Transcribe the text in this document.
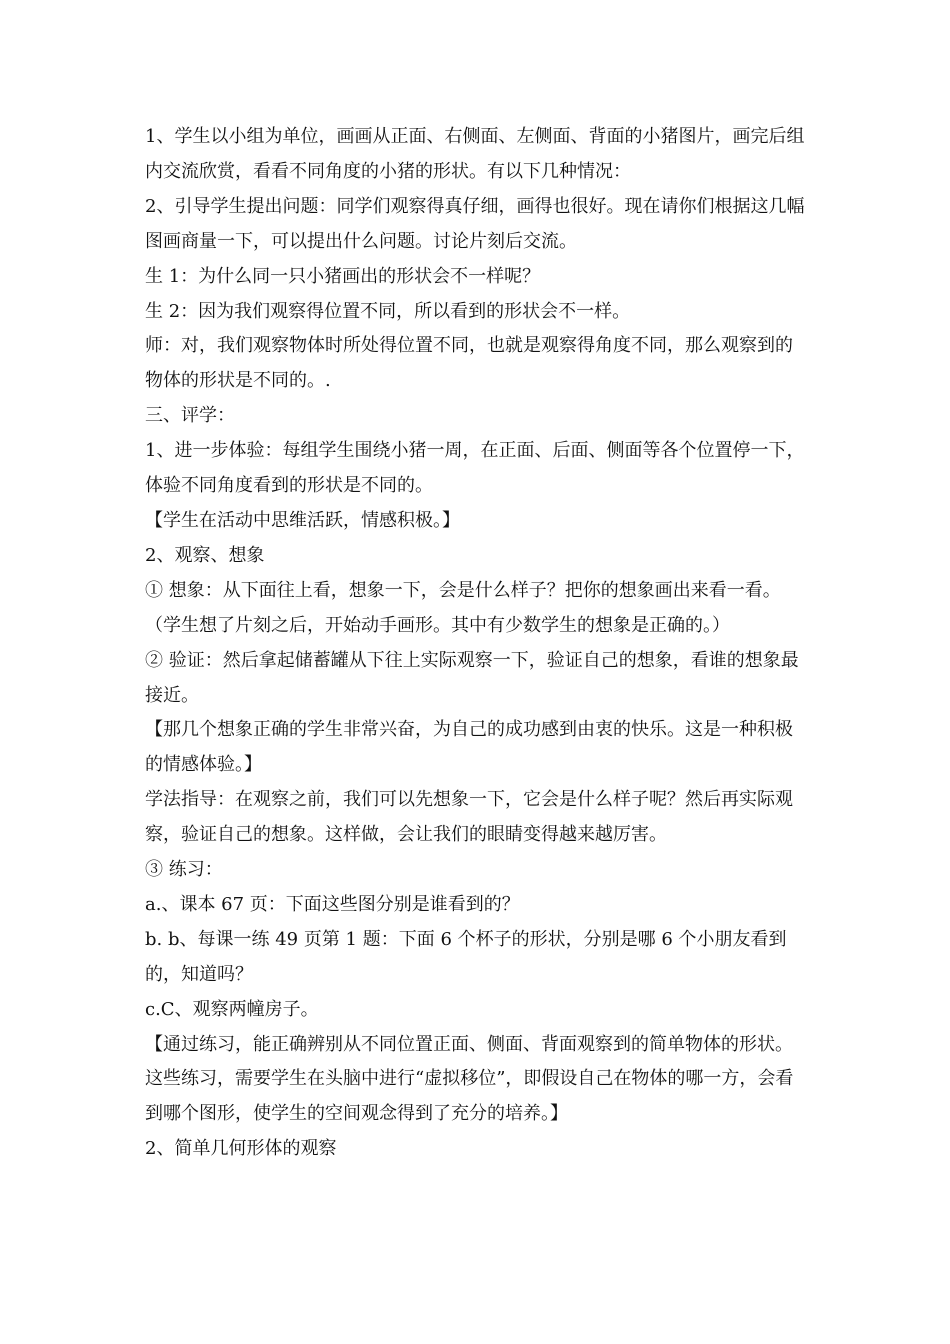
1、学生以小组为单位，画画从正面、右侧面、左侧面、背面的小猪图片，画完后组内交流欣赏，看看不同角度的小猪的形状。有以下几种情况：

2、引导学生提出问题：同学们观察得真仔细，画得也很好。现在请你们根据这几幅图画商量一下，可以提出什么问题。讨论片刻后交流。

生 1：为什么同一只小猪画出的形状会不一样呢？

生 2：因为我们观察得位置不同，所以看到的形状会不一样。

师：对，我们观察物体时所处得位置不同，也就是观察得角度不同，那么观察到的物体的形状是不同的。.

三、评学：

1、进一步体验：每组学生围绕小猪一周，在正面、后面、侧面等各个位置停一下，体验不同角度看到的形状是不同的。

【学生在活动中思维活跃，情感积极。】

2、观察、想象

① 想象：从下面往上看，想象一下，会是什么样子？把你的想象画出来看一看。

（学生想了片刻之后，开始动手画形。其中有少数学生的想象是正确的。）

② 验证：然后拿起储蓄罐从下往上实际观察一下，验证自己的想象，看谁的想象最接近。

【那几个想象正确的学生非常兴奋，为自己的成功感到由衷的快乐。这是一种积极的情感体验。】

学法指导：在观察之前，我们可以先想象一下，它会是什么样子呢？然后再实际观察，验证自己的想象。这样做，会让我们的眼睛变得越来越厉害。

③ 练习：

a.、课本 67 页：下面这些图分别是谁看到的？

b. b、每课一练 49 页第 1 题：下面 6 个杯子的形状，分别是哪 6 个小朋友看到的，知道吗？

c.C、观察两幢房子。

【通过练习，能正确辨别从不同位置正面、侧面、背面观察到的简单物体的形状。这些练习，需要学生在头脑中进行“虚拟移位”，即假设自己在物体的哪一方，会看到哪个图形，使学生的空间观念得到了充分的培养。】

2、简单几何形体的观察
